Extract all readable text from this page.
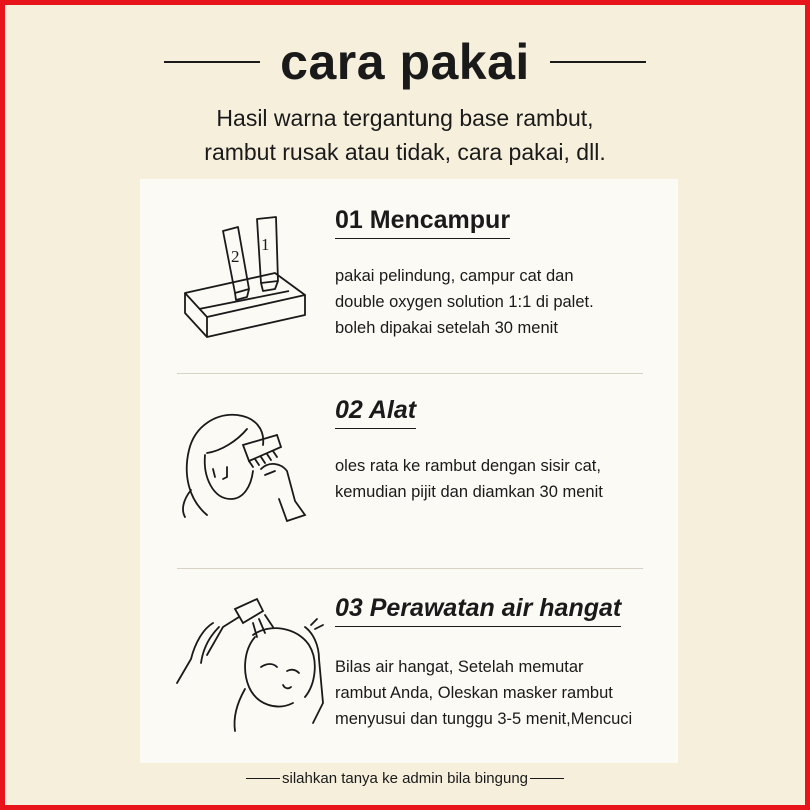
cara pakai
Hasil warna tergantung base rambut,
rambut rusak atau tidak, cara pakai, dll.
2
1
01 Mencampur
pakai pelindung, campur cat dan
double oxygen solution 1:1 di palet.
boleh dipakai setelah 30 menit
02 Alat
oles rata ke rambut dengan sisir cat,
kemudian pijit dan diamkan 30 menit
03 Perawatan air hangat
Bilas air hangat, Setelah memutar
rambut Anda, Oleskan masker rambut
menyusui dan tunggu 3-5 menit,Mencuci
silahkan tanya ke admin bila bingung
